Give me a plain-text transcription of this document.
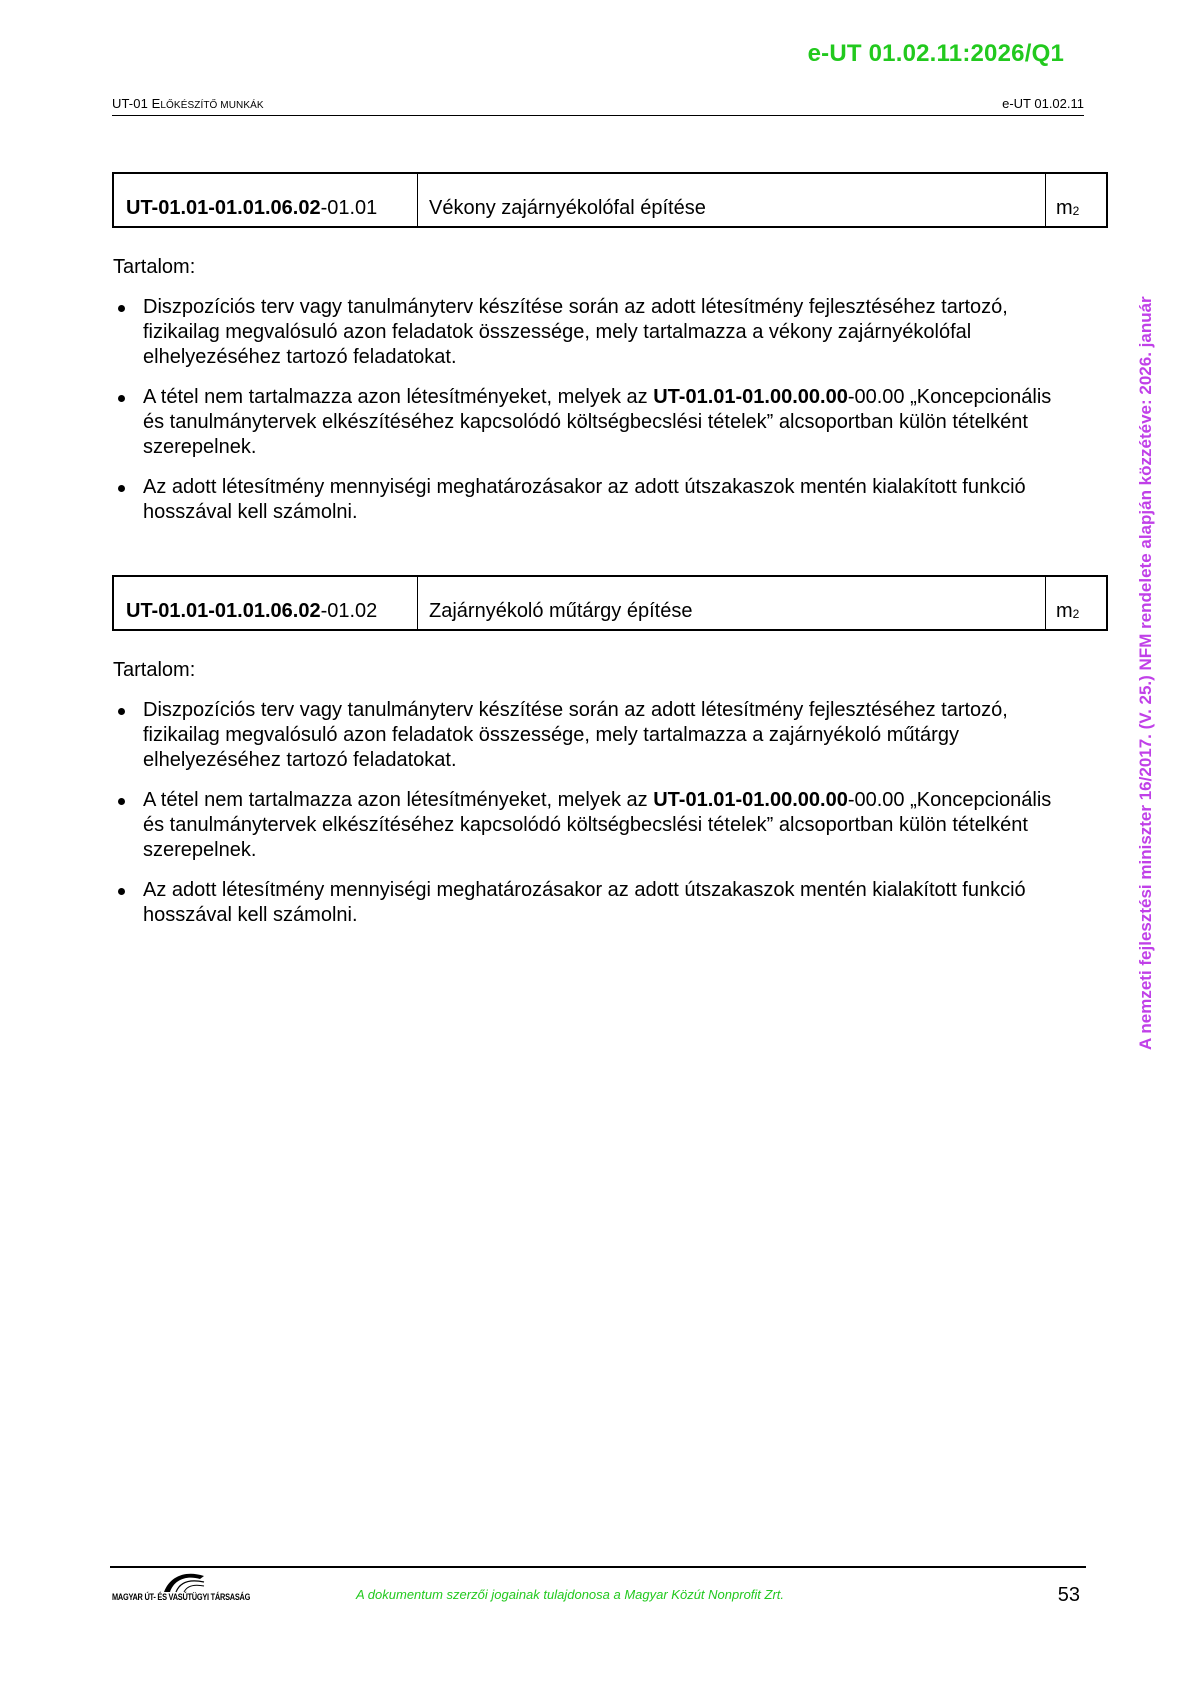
e-UT 01.02.11:2026/Q1
UT-01 ELŐKÉSZÍTŐ MUNKÁK	e-UT 01.02.11
UT-01.01-01.01.06.02 -01.01	Vékony zajárnyékolófal építése	$m^2$
Tartalom:
Diszpozíciós terv vagy tanulmányterv készítése során az adott létesítmény fejlesztéséhez tartozó, fizikailag megvalósuló azon feladatok összessége, mely tartalmazza a vékony zajárnyékolófal elhelyezéséhez tartozó feladatokat.
A tétel nem tartalmazza azon létesítményeket, melyek az UT-01.01-01.00.00.00-00.00 „Koncepcionális és tanulmánytervek elkészítéséhez kapcsolódó költségbecslési tételek” alcsoportban külön tételként szerepelnek.
Az adott létesítmény mennyiségi meghatározásakor az adott útszakaszok mentén kialakított funkció hosszával kell számolni.
UT-01.01-01.01.06.02 -01.02	Zajárnyékoló műtárgy építése	$m^2$
Tartalom:
Diszpozíciós terv vagy tanulmányterv készítése során az adott létesítmény fejlesztéséhez tartozó, fizikailag megvalósuló azon feladatok összessége, mely tartalmazza a zajárnyékoló műtárgy elhelyezéséhez tartozó feladatokat.
A tétel nem tartalmazza azon létesítményeket, melyek az UT-01.01-01.00.00.00-00.00 „Koncepcionális és tanulmánytervek elkészítéséhez kapcsolódó költségbecslési tételek” alcsoportban külön tételként szerepelnek.
Az adott létesítmény mennyiségi meghatározásakor az adott útszakaszok mentén kialakított funkció hosszával kell számolni.	A nemzeti fejlesztési miniszter 16/2017. (V. 25.) NFM rendelete alapján közzétéve: 2026. január
MAGYAR ÚT- ÉS VASÚTÜGYI TÁRSASÁG	A dokumentum szerzői jogainak tulajdonosa a Magyar Közút Nonprofit Zrt.	53
